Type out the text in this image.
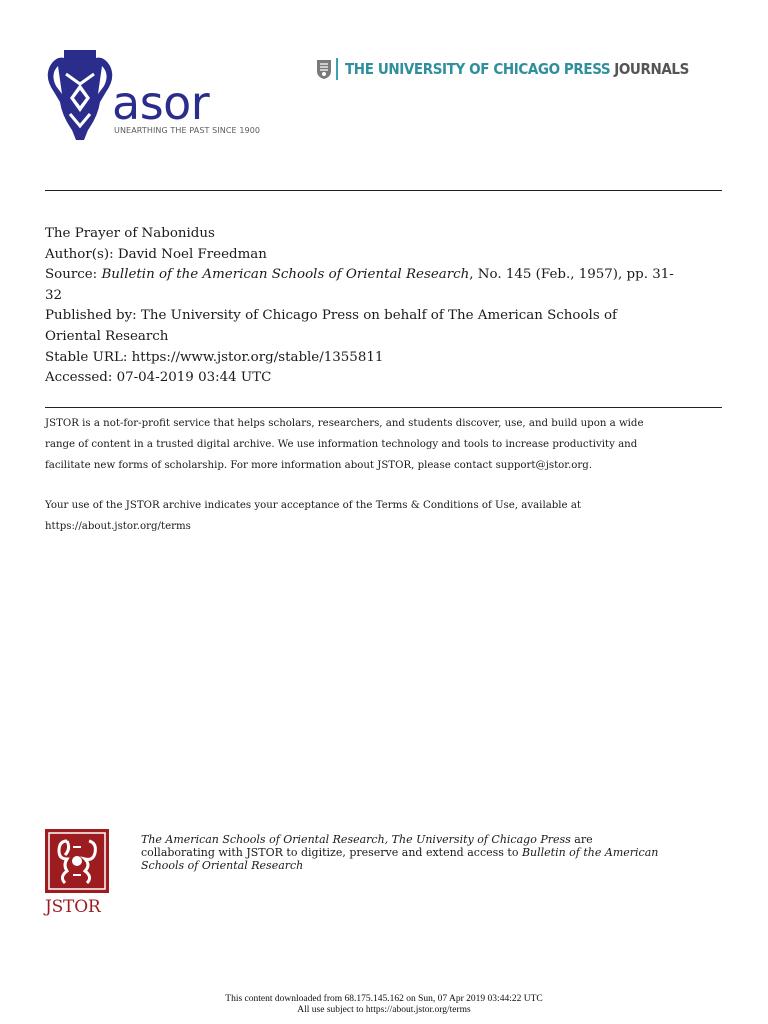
asor
UNEARTHING THE PAST SINCE 1900
THE UNIVERSITY OF CHICAGO PRESS JOURNALS

The Prayer of Nabonidus

Author(s): David Noel Freedman

Source: Bulletin of the American Schools of Oriental Research, No. 145 (Feb., 1957), pp. 31-

32

Published by: The University of Chicago Press on behalf of The American Schools of

Oriental Research

Stable URL: https://www.jstor.org/stable/1355811

Accessed: 07-04-2019 03:44 UTC

JSTOR is a not-for-profit service that helps scholars, researchers, and students discover, use, and build upon a wide

range of content in a trusted digital archive. We use information technology and tools to increase productivity and

facilitate new forms of scholarship. For more information about JSTOR, please contact support@jstor.org.

Your use of the JSTOR archive indicates your acceptance of the Terms & Conditions of Use, available at

https://about.jstor.org/terms

JSTOR

The American Schools of Oriental Research, The University of Chicago Press are

collaborating with JSTOR to digitize, preserve and extend access to Bulletin of the American

Schools of Oriental Research

This content downloaded from 68.175.145.162 on Sun, 07 Apr 2019 03:44:22 UTC
All use subject to https://about.jstor.org/terms
